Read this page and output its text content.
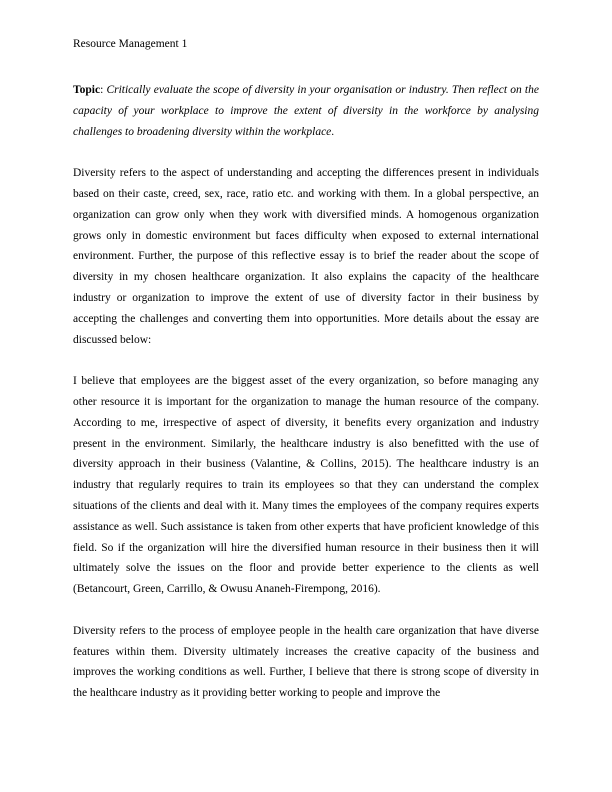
Resource Management 1

Topic: Critically evaluate the scope of diversity in your organisation or industry. Then reflect on the capacity of your workplace to improve the extent of diversity in the workforce by analysing challenges to broadening diversity within the workplace.

Diversity refers to the aspect of understanding and accepting the differences present in individuals based on their caste, creed, sex, race, ratio etc. and working with them. In a global perspective, an organization can grow only when they work with diversified minds. A homogenous organization grows only in domestic environment but faces difficulty when exposed to external international environment. Further, the purpose of this reflective essay is to brief the reader about the scope of diversity in my chosen healthcare organization. It also explains the capacity of the healthcare industry or organization to improve the extent of use of diversity factor in their business by accepting the challenges and converting them into opportunities. More details about the essay are discussed below:

I believe that employees are the biggest asset of the every organization, so before managing any other resource it is important for the organization to manage the human resource of the company. According to me, irrespective of aspect of diversity, it benefits every organization and industry present in the environment. Similarly, the healthcare industry is also benefitted with the use of diversity approach in their business (Valantine, & Collins, 2015). The healthcare industry is an industry that regularly requires to train its employees so that they can understand the complex situations of the clients and deal with it. Many times the employees of the company requires experts assistance as well. Such assistance is taken from other experts that have proficient knowledge of this field. So if the organization will hire the diversified human resource in their business then it will ultimately solve the issues on the floor and provide better experience to the clients as well (Betancourt, Green, Carrillo, & Owusu Ananeh-Firempong, 2016).

Diversity refers to the process of employee people in the health care organization that have diverse features within them. Diversity ultimately increases the creative capacity of the business and improves the working conditions as well. Further, I believe that there is strong scope of diversity in the healthcare industry as it providing better working to people and improve the
